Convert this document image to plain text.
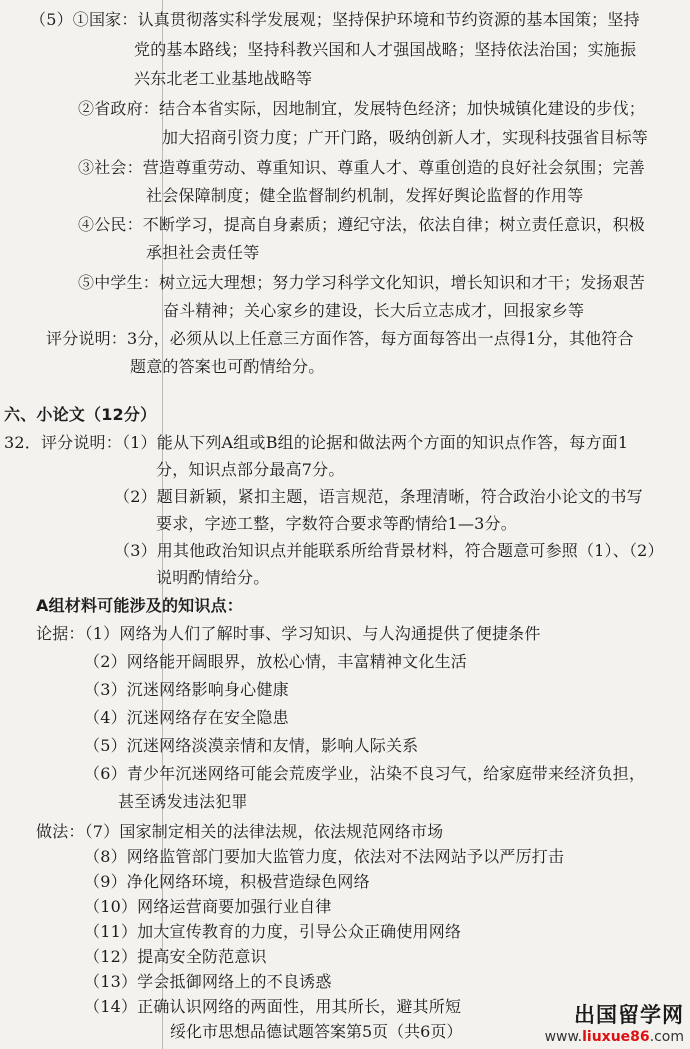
（5）①国家：认真贯彻落实科学发展观；坚持保护环境和节约资源的基本国策；坚持
党的基本路线；坚持科教兴国和人才强国战略；坚持依法治国；实施振
兴东北老工业基地战略等
②省政府：结合本省实际，因地制宜，发展特色经济；加快城镇化建设的步伐；
加大招商引资力度；广开门路，吸纳创新人才，实现科技强省目标等
③社会：营造尊重劳动、尊重知识、尊重人才、尊重创造的良好社会氛围；完善
社会保障制度；健全监督制约机制，发挥好舆论监督的作用等
④公民：不断学习，提高自身素质；遵纪守法，依法自律；树立责任意识，积极
承担社会责任等
⑤中学生：树立远大理想；努力学习科学文化知识，增长知识和才干；发扬艰苦
奋斗精神；关心家乡的建设，长大后立志成才，回报家乡等
评分说明：3分，必须从以上任意三方面作答，每方面每答出一点得1分，其他符合
题意的答案也可酌情给分。
六、小论文（12分）
32．评分说明：（1）能从下列A组或B组的论据和做法两个方面的知识点作答，每方面1
分，知识点部分最高7分。
（2）题目新颖，紧扣主题，语言规范，条理清晰，符合政治小论文的书写
要求，字迹工整，字数符合要求等酌情给1—3分。
（3）用其他政治知识点并能联系所给背景材料，符合题意可参照（1）、（2）
说明酌情给分。
A组材料可能涉及的知识点：
论据：（1）网络为人们了解时事、学习知识、与人沟通提供了便捷条件
（2）网络能开阔眼界，放松心情，丰富精神文化生活
（3）沉迷网络影响身心健康
（4）沉迷网络存在安全隐患
（5）沉迷网络淡漠亲情和友情，影响人际关系
（6）青少年沉迷网络可能会荒废学业，沾染不良习气，给家庭带来经济负担，
甚至诱发违法犯罪
做法：（7）国家制定相关的法律法规，依法规范网络市场
（8）网络监管部门要加大监管力度，依法对不法网站予以严厉打击
（9）净化网络环境，积极营造绿色网络
（10）网络运营商要加强行业自律
（11）加大宣传教育的力度，引导公众正确使用网络
（12）提高安全防范意识
（13）学会抵御网络上的不良诱惑
（14）正确认识网络的两面性，用其所长，避其所短
绥化市思想品德试题答案第5页（共6页）
出国留学网
www.liuxue86.com
